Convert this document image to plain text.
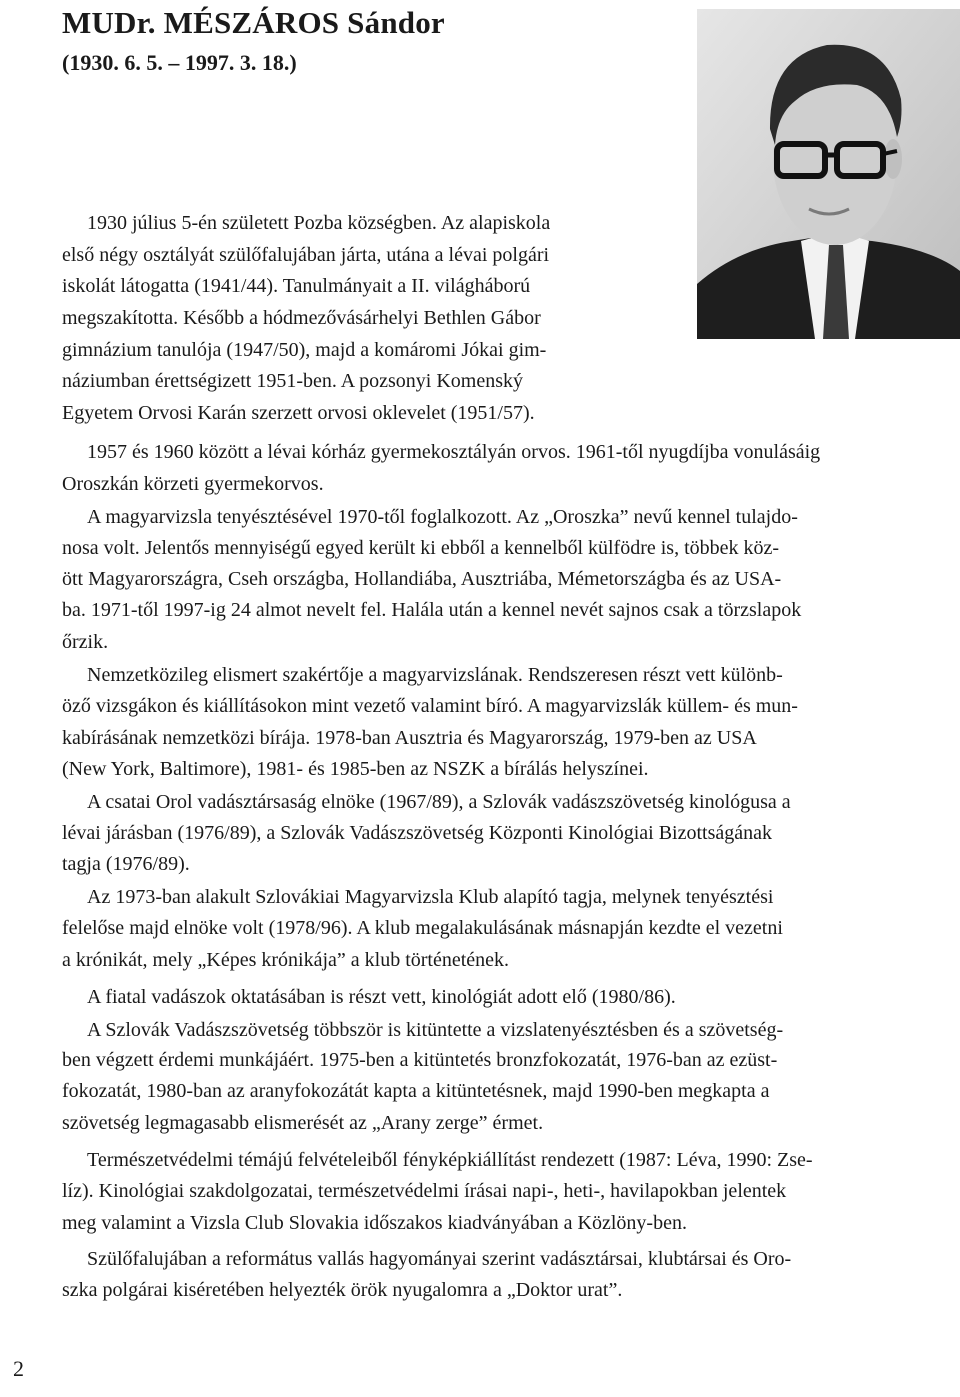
MUDr. MÉSZÁROS Sándor

(1930. 6. 5. – 1997. 3. 18.)

1930 július 5-én született Pozba községben. Az alapiskola
első négy osztályát szülőfalujában járta, utána a lévai polgári
iskolát látogatta (1941/44). Tanulmányait a II. világháború
megszakította. Később a hódmezővásárhelyi Bethlen Gábor
gimnázium tanulója (1947/50), majd a komáromi Jókai gim-
náziumban érettségizett 1951-ben. A pozsonyi Komenský
Egyetem Orvosi Karán szerzett orvosi oklevelet (1951/57).
1957 és 1960 között a lévai kórház gyermekosztályán orvos. 1961-től nyugdíjba vonulásáig
Oroszkán körzeti gyermekorvos.
A magyarvizsla tenyésztésével 1970-től foglalkozott. Az „Oroszka” nevű kennel tulajdo-
nosa volt. Jelentős mennyiségű egyed került ki ebből a kennelből külfödre is, többek köz-
ött Magyarországra, Cseh országba, Hollandiába, Ausztriába, Mémetországba és az USA-
ba. 1971-től 1997-ig 24 almot nevelt fel. Halála után a kennel nevét sajnos csak a törzslapok
őrzik.
Nemzetközileg elismert szakértője a magyarvizslának. Rendszeresen részt vett különb-
öző vizsgákon és kiállításokon mint vezető valamint bíró. A magyarvizslák küllem- és mun-
kabírásának nemzetközi bírája. 1978-ban Ausztria és Magyarország, 1979-ben az USA
(New York, Baltimore), 1981- és 1985-ben az NSZK a bírálás helyszínei.
A csatai Orol vadásztársaság elnöke (1967/89), a Szlovák vadászszövetség kinológusa a
lévai járásban (1976/89), a Szlovák Vadászszövetség Központi Kinológiai Bizottságának
tagja (1976/89).
Az 1973-ban alakult Szlovákiai Magyarvizsla Klub alapító tagja, melynek tenyésztési
felelőse majd elnöke volt (1978/96). A klub megalakulásának másnapján kezdte el vezetni
a krónikát, mely „Képes krónikája” a klub történetének.
A fiatal vadászok oktatásában is részt vett, kinológiát adott elő (1980/86).
A Szlovák Vadászszövetség többször is kitüntette a vizslatenyésztésben és a szövetség-
ben végzett érdemi munkájáért. 1975-ben a kitüntetés bronzfokozatát, 1976-ban az ezüst-
fokozatát, 1980-ban az aranyfokozátát kapta a kitüntetésnek, majd 1990-ben megkapta a
szövetség legmagasabb elismerését az „Arany zerge” érmet.
Természetvédelmi témájú felvételeiből fényképkiállítást rendezett (1987: Léva, 1990: Zse-
líz). Kinológiai szakdolgozatai, természetvédelmi írásai napi-, heti-, havilapokban jelentek
meg valamint a Vizsla Club Slovakia időszakos kiadványában a Közlöny-ben.
Szülőfalujában a református vallás hagyományai szerint vadásztársai, klubtársai és Oro-
szka polgárai kiséretében helyezték örök nyugalomra a „Doktor urat”.
2
